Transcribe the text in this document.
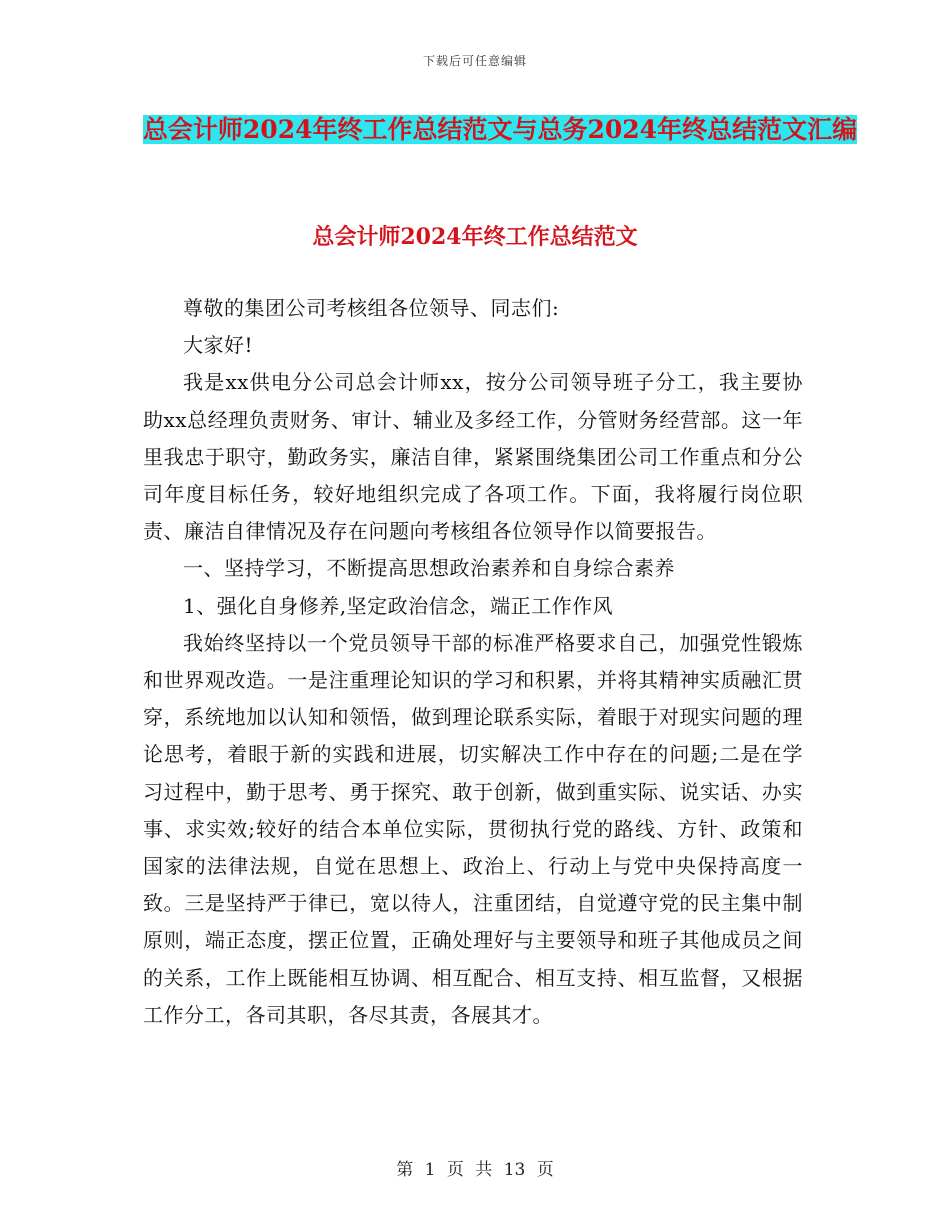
下载后可任意编辑
总会计师2024年终工作总结范文与总务2024年终总结范文汇编
总会计师2024年终工作总结范文

尊敬的集团公司考核组各位领导、同志们:

大家好!

我是xx供电分公司总会计师xx，按分公司领导班子分工，我主要协助xx总经理负责财务、审计、辅业及多经工作，分管财务经营部。这一年里我忠于职守，勤政务实，廉洁自律，紧紧围绕集团公司工作重点和分公司年度目标任务，较好地组织完成了各项工作。下面，我将履行岗位职责、廉洁自律情况及存在问题向考核组各位领导作以简要报告。

一、坚持学习，不断提高思想政治素养和自身综合素养

1、强化自身修养,坚定政治信念，端正工作作风

我始终坚持以一个党员领导干部的标准严格要求自己，加强党性锻炼和世界观改造。一是注重理论知识的学习和积累，并将其精神实质融汇贯穿，系统地加以认知和领悟，做到理论联系实际，着眼于对现实问题的理论思考，着眼于新的实践和进展，切实解决工作中存在的问题;二是在学习过程中，勤于思考、勇于探究、敢于创新，做到重实际、说实话、办实事、求实效;较好的结合本单位实际，贯彻执行党的路线、方针、政策和国家的法律法规，自觉在思想上、政治上、行动上与党中央保持高度一致。三是坚持严于律已，宽以待人，注重团结，自觉遵守党的民主集中制原则，端正态度，摆正位置，正确处理好与主要领导和班子其他成员之间的关系，工作上既能相互协调、相互配合、相互支持、相互监督，又根据工作分工，各司其职，各尽其责，各展其才。

第 1 页 共 13 页
